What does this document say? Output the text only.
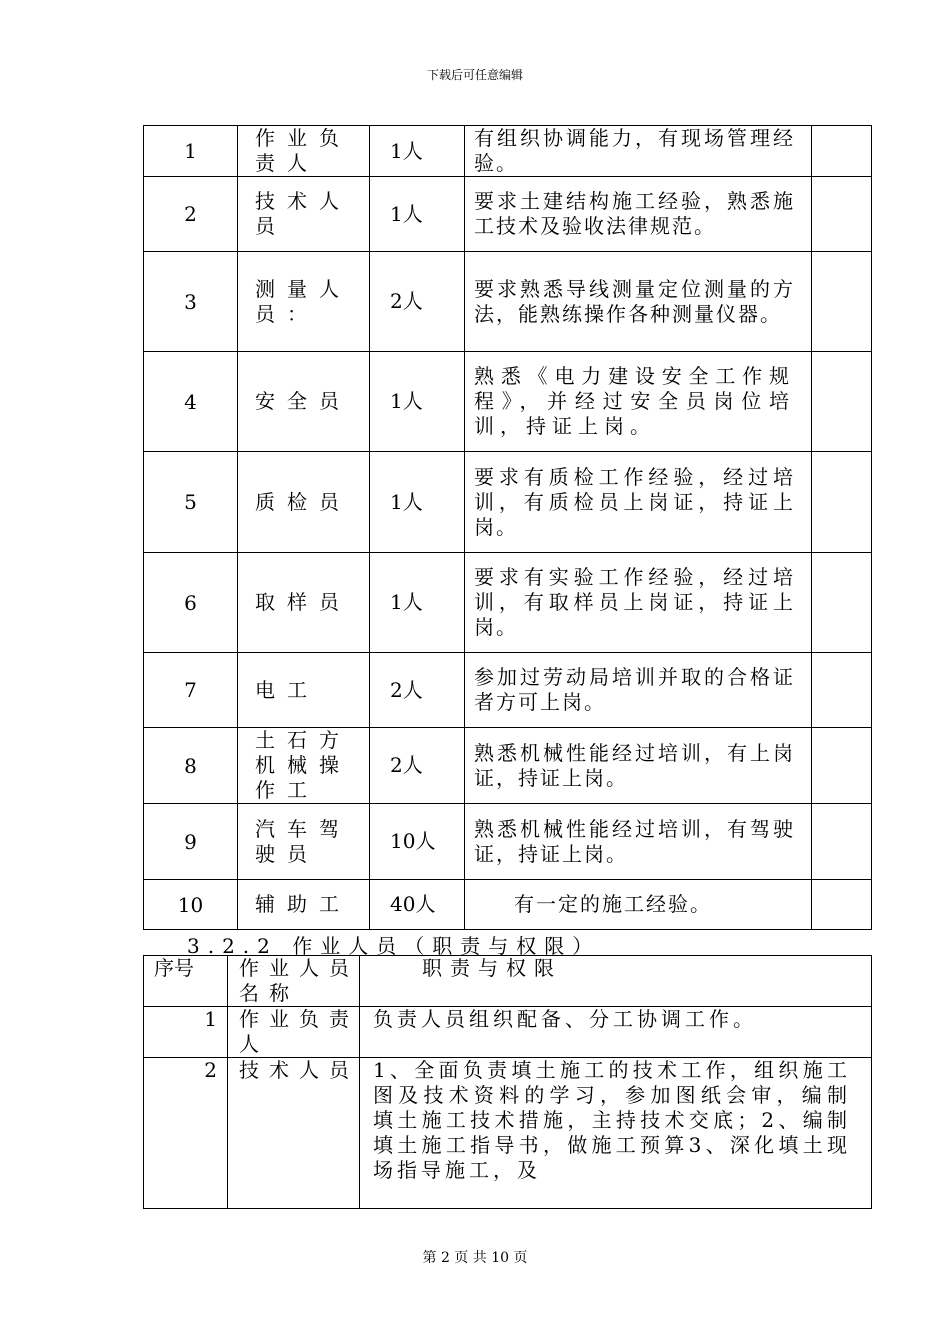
下载后可任意编辑
1	作业负责人	1人	有组织协调能力，有现场管理经验。	
2	技术人员	1人	要求土建结构施工经验，熟悉施工技术及验收法律规范。	
3	测量人员：	2人	要求熟悉导线测量定位测量的方法，能熟练操作各种测量仪器。	
4	安全员	1人	熟悉《电力建设安全工作规程》，并经过安全员岗位培训，持证上岗。	
5	质检员	1人	要求有质检工作经验，经过培训，有质检员上岗证，持证上岗。	
6	取样员	1人	要求有实验工作经验，经过培训，有取样员上岗证，持证上岗。	
7	电工	2人	参加过劳动局培训并取的合格证者方可上岗。	
8	土石方机械操作工	2人	熟悉机械性能经过培训，有上岗证，持证上岗。	
9	汽车驾驶员	10人	熟悉机械性能经过培训，有驾驶证，持证上岗。	
10	辅助工	40人	有一定的施工经验。	
3.2.2 作业人员（职责与权限）
序号	作业人员名称	职责与权限
1	作业负责人	负责人员组织配备、分工协调工作。
2	技术人员	1、全面负责填土施工的技术工作，组织施工图及技术资料的学习，参加图纸会审，编制填土施工技术措施，主持技术交底；2、编制填土施工指导书，做施工预算3、深化填土现场指导施工，及
第 2 页 共 10 页
